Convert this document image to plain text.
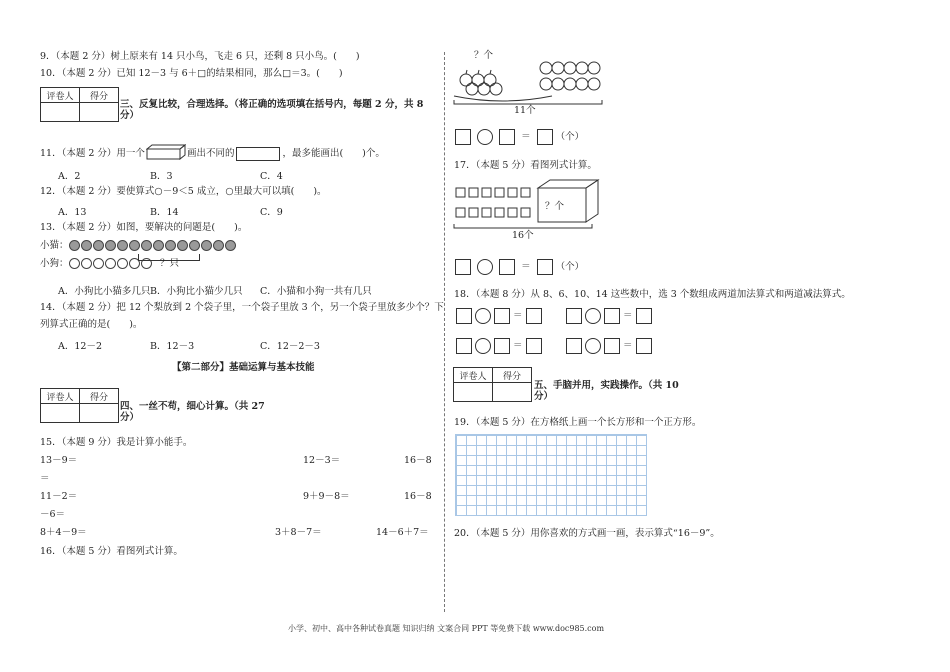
9．（本题 2 分）树上原来有 14 只小鸟，飞走 6 只，还剩 8 只小鸟。(　　)
10．（本题 2 分）已知 12－3 与 6＋□的结果相同，那么□＝3。(　　)
评卷人	得分

三、反复比较，合理选择。（将正确的选项填在括号内，每题 2 分，共 8 分）
11．（本题 2 分）用一个	画出不同的	，最多能画出(　　)个。
A．2	B．3	C．4
12．（本题 2 分）要使算式○－9＜5 成立，○里最大可以填(　　)。
A．13	B．14	C．9
13．（本题 2 分）如图，要解决的问题是(　　)。
小猫：
小狗：	？只
A．小狗比小猫多几只 B．小狗比小猫少几只 C．小猫和小狗一共有几只
14．（本题 2 分）把 12 个梨放到 2 个袋子里，一个袋子里放 3 个，另一个袋子里放多少个？下
列算式正确的是(　　)。
A．12－2	B．12－3	C．12－2－3
【第二部分】基础运算与基本技能
评卷人	得分

四、一丝不苟，细心计算。（共 27 分）
15．（本题 9 分）我是计算小能手。
13－9＝	12－3＝	16－8
＝
11－2＝	9＋9－8＝	16－8
－6＝
8＋4－9＝	3＋8－7＝	14－6＋7＝
16．（本题 5 分）看图列式计算。
？个
11个
＝	（个）
17．（本题 5 分）看图列式计算。
？个
16个
＝	（个）
18．（本题 8 分）从 8、6、10、14 这些数中，选 3 个数组成两道加法算式和两道减法算式。
＝	＝
＝	＝
评卷人	得分

五、手脑并用，实践操作。（共 10 分）
19．（本题 5 分）在方格纸上画一个长方形和一个正方形。
20．（本题 5 分）用你喜欢的方式画一画，表示算式“16－9”。
小学、初中、高中各种试卷真题 知识归纳 文案合同 PPT 等免费下载 www.doc985.com
